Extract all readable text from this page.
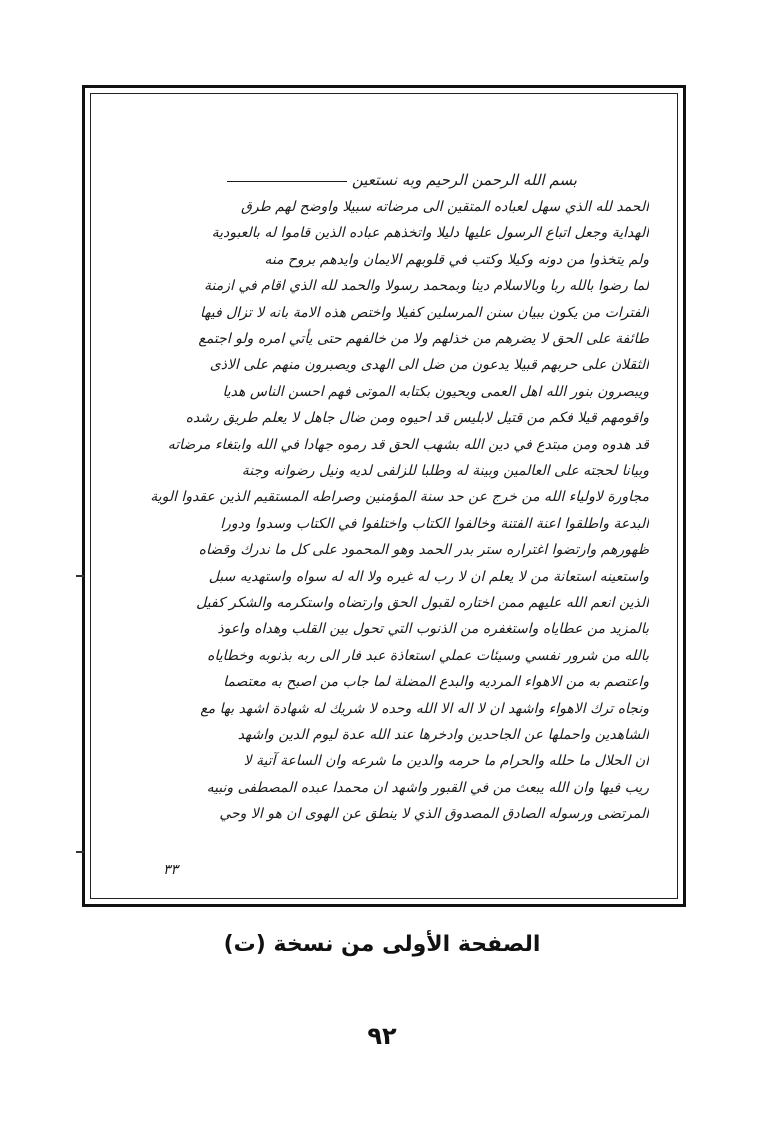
بسم الله الرحمن الرحيم وبه نستعين
الحمد لله الذي سهل لعباده المتقين الى مرضاته سبيلا واوضح لهم طرق
الهداية وجعل اتباع الرسول عليها دليلا واتخذهم عباده الذين قاموا له بالعبودية
ولم يتخذوا من دونه وكيلا وكتب في قلوبهم الايمان وايدهم بروح منه
لما رضوا بالله ربا وبالاسلام دينا وبمحمد رسولا والحمد لله الذي اقام في ازمنة
الفترات من يكون ببيان سنن المرسلين كفيلا واختص هذه الامة بانه لا تزال فيها
طائفة على الحق لا يضرهم من خذلهم ولا من خالفهم حتى يأتي امره ولو اجتمع
الثقلان على حربهم قبيلا يدعون من ضل الى الهدى ويصبرون منهم على الاذى
ويبصرون بنور الله اهل العمى ويحيون بكتابه الموتى فهم احسن الناس هديا
واقومهم قيلا فكم من قتيل لابليس قد احيوه ومن ضال جاهل لا يعلم طريق رشده
قد هدوه ومن مبتدع في دين الله بشهب الحق قد رموه جهادا في الله وابتغاء مرضاته
وبيانا لحجته على العالمين وبينة له وطلبا للزلفى لديه ونيل رضوانه وجنة
مجاورة لاولياء الله من خرج عن حد سنة المؤمنين وصراطه المستقيم الذين عقدوا الوية
البدعة واطلقوا اعنة الفتنة وخالفوا الكتاب واختلفوا في الكتاب وسدوا ودورا
ظهورهم وارتضوا اغتراره ستر بدر الحمد وهو المحمود على كل ما ندرك وقضاه
واستعينه استعانة من لا يعلم ان لا رب له غيره ولا اله له سواه واستهديه سبل
الذين انعم الله عليهم ممن اختاره لقبول الحق وارتضاه واستكرمه والشكر كفيل
بالمزيد من عطاياه واستغفره من الذنوب التي تحول بين القلب وهداه واعوذ
بالله من شرور نفسي وسيئات عملي استعاذة عبد فار الى ربه بذنوبه وخطاياه
واعتصم به من الاهواء المرديه والبدع المضلة لما جاب من اصبح به معتصما
ونجاه ترك الاهواء واشهد ان لا اله الا الله وحده لا شريك له شهادة اشهد بها مع
الشاهدين واحملها عن الجاحدين وادخرها عند الله عدة ليوم الدين واشهد
ان الحلال ما حلله والحرام ما حرمه والدين ما شرعه وان الساعة آتية لا
ريب فيها وان الله يبعث من في القبور واشهد ان محمدا عبده المصطفى ونبيه
المرتضى ورسوله الصادق المصدوق الذي لا ينطق عن الهوى ان هو الا وحي
٣٣
الصفحة الأولى من نسخة (ت)
٩٢
